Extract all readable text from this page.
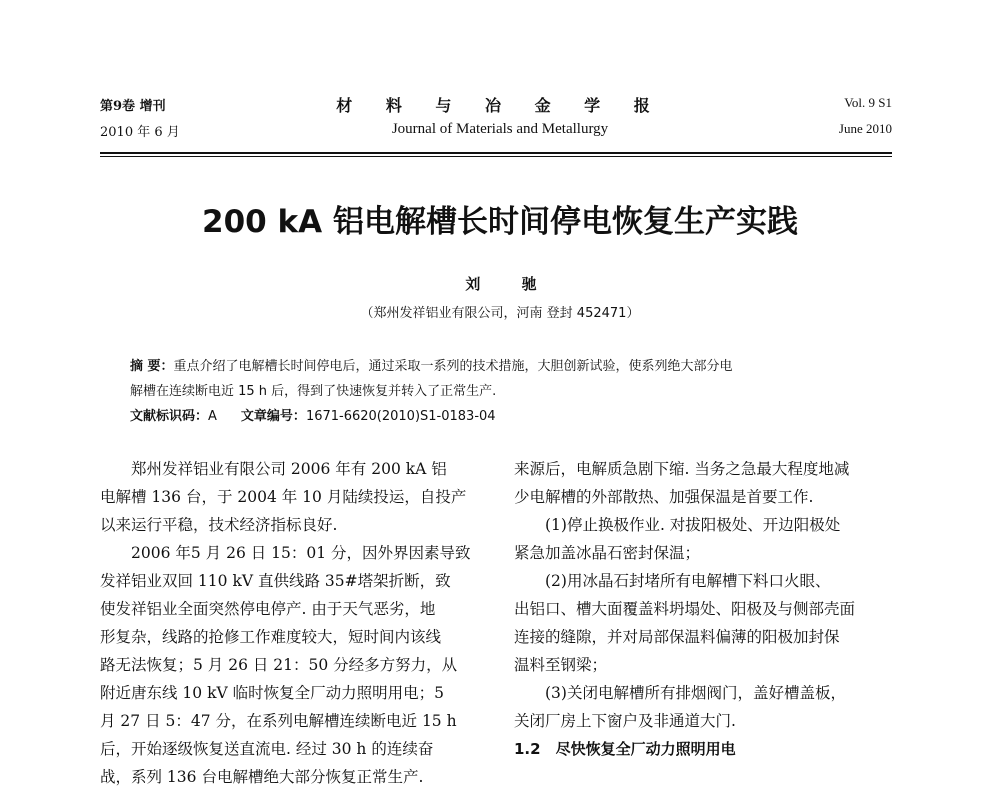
第9卷 增刊
2010 年 6 月
材 料 与 冶 金 学 报
Journal of Materials and Metallurgy
Vol. 9 S1
June 2010
200 kA 铝电解槽长时间停电恢复生产实践
刘 驰
（郑州发祥铝业有限公司，河南 登封 452471）
摘 要：重点介绍了电解槽长时间停电后，通过采取一系列的技术措施，大胆创新试验，使系列绝大部分电
解槽在连续断电近 15 h 后，得到了快速恢复并转入了正常生产.
文献标识码：A 文章编号：1671-6620(2010)S1-0183-04
　　郑州发祥铝业有限公司 2006 年有 200 kA 铝
电解槽 136 台，于 2004 年 10 月陆续投运，自投产
以来运行平稳，技术经济指标良好.
　　2006 年5 月 26 日 15：01 分，因外界因素导致
发祥铝业双回 110 kV 直供线路 35#塔架折断，致
使发祥铝业全面突然停电停产. 由于天气恶劣，地
形复杂，线路的抢修工作难度较大，短时间内该线
路无法恢复；5 月 26 日 21：50 分经多方努力，从
附近唐东线 10 kV 临时恢复全厂动力照明用电；5
月 27 日 5：47 分，在系列电解槽连续断电近 15 h
后，开始逐级恢复送直流电. 经过 30 h 的连续奋
战，系列 136 台电解槽绝大部分恢复正常生产.
来源后，电解质急剧下缩. 当务之急最大程度地减
少电解槽的外部散热、加强保温是首要工作.
　　(1)停止换极作业. 对拔阳极处、开边阳极处
紧急加盖冰晶石密封保温；
　　(2)用冰晶石封堵所有电解槽下料口火眼、
出铝口、槽大面覆盖料坍塌处、阳极及与侧部壳面
连接的缝隙，并对局部保温料偏薄的阳极加封保
温料至钢梁；
　　(3)关闭电解槽所有排烟阀门，盖好槽盖板，
关闭厂房上下窗户及非通道大门.
1.2　尽快恢复全厂动力照明用电
